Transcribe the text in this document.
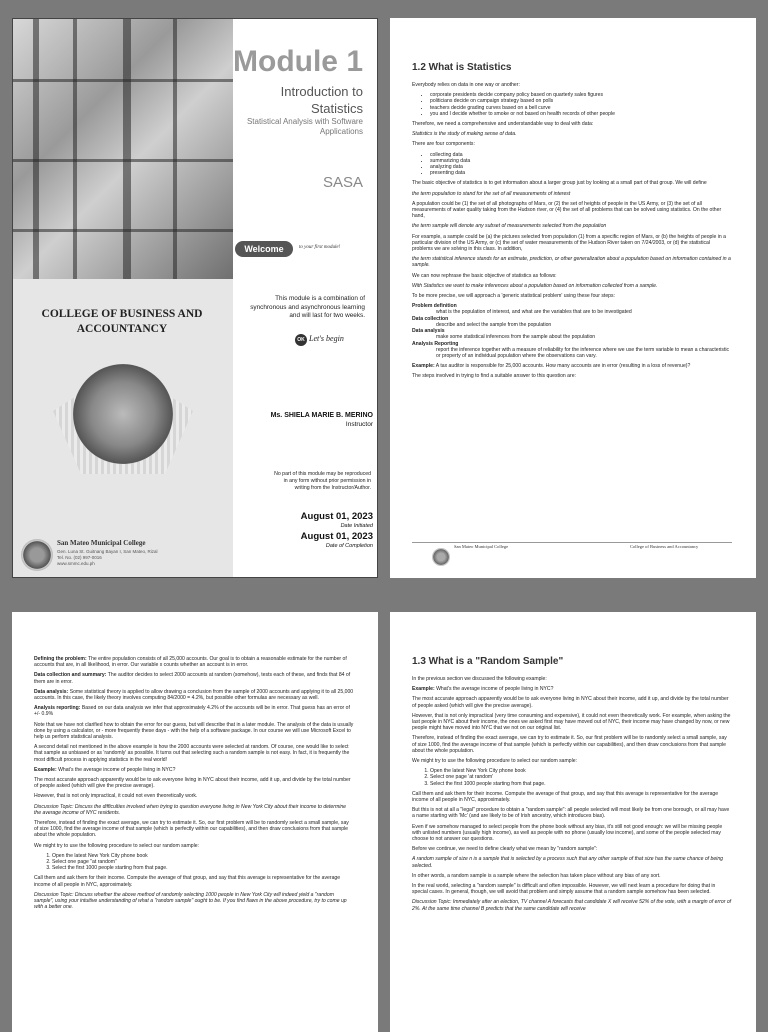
COLLEGE OF BUSINESS AND ACCOUNTANCY
San Mateo Municipal College
Gen. Luna St. Guitnang Bayan I, San Mateo, Rizal
Tel. No. (02) 997-0016
www.smmc.edu.ph
Module 1
Introduction to Statistics
Statistical Analysis with Software Applications
SASA
Welcome	to your first module!
This module is a combination of synchronous and asynchronous learning and will last for two weeks.
OK Let's begin
Ms. SHIELA MARIE B. MERINO
Instructor
No part of this module may be reproduced in any form without prior permission in writing from the Instructor/Author.
August 01, 2023
Date Initiated
August 01, 2023
Date of Completion
1.2 What is Statistics

Everybody relies on data in one way or another:

• corporate presidents decide company policy based on quarterly sales figures
• politicians decide on campaign strategy based on polls
• teachers decide grading curves based on a bell curve
• you and I decide whether to smoke or not based on health records of other people

Therefore, we need a comprehensive and understandable way to deal with data:

Statistics is the study of making sense of data.

There are four components:

• collecting data
• summarizing data
• analyzing data
• presenting data

The basic objective of statistics is to get information about a larger group just by looking at a small part of that group. We will define

the term population to stand for the set of all measurements of interest

A population could be (1) the set of all photographs of Mars, or (2) the set of heights of people in the US Army, or (3) the set of all measurements of water quality taking from the Hudson river, or (4) the set of all problems that can be solved using statistics. On the other hand,

the term sample will denote any subset of measurements selected from the population

For example, a sample could be (a) the pictures selected from population (1) from a specific region of Mars, or (b) the heights of people in a particular division of the US Army, or (c) the set of water measurements of the Hudson River taken on 7/24/2003, or (d) the statistical problems we are solving in this class. In addition,

the term statistical inference stands for an estimate, prediction, or other generalization about a population based on information contained in a sample.

We can now rephrase the basic objective of statistics as follows:

With Statistics we want to make inferences about a population based on information collected from a sample.

To be more precise, we will approach a 'generic statistical problem' using these four steps:

Problem definition
what is the population of interest, and what are the variables that are to be investigated
Data collection
describe and select the sample from the population
Data analysis
make some statistical inferences from the sample about the population
Analysis Reporting
report the inference together with a measure of reliability for the inference where we use the term variable to mean a characteristic or property of an individual population where the observations can vary.

Example: A tax auditor is responsible for 25,000 accounts. How many accounts are in error (resulting in a loss of revenue)?

The steps involved in trying to find a suitable answer to this question are:

San Mateo Municipal College	College of Business and Accountancy

Defining the problem: The entire population consists of all 25,000 accounts. Our goal is to obtain a reasonable estimate for the number of accounts that are, in all likelihood, in error. Our variable x counts whether an account is in error.

Data collection and summary: The auditor decides to select 2000 accounts at random (somehow), tests each of these, and finds that 84 of them are in error.

Data analysis: Some statistical theory is applied to allow drawing a conclusion from the sample of 2000 accounts and applying it to all 25,000 accounts. In this case, the likely theory involves computing 84/2000 = 4.2%, but possible other formulas are necessary as well.

Analysis reporting: Based on our data analysis we infer that approximately 4.2% of the accounts will be in error. That guess has an error of +/- 0.9%

Note that we have not clarified how to obtain the error for our guess, but will describe that in a later module. The analysis of the data is usually done by using a calculator, or - more frequently these days - with the help of a software package. In our course we will use Microsoft Excel to help us perform statistical analysis.

A second detail not mentioned in the above example is how the 2000 accounts were selected at random. Of course, one would like to select that sample as unbiased or as 'randomly' as possible. It turns out that selecting such a random sample is not easy. In fact, it is frequently the most difficult process in applying statistics in the real world!

Example: What's the average income of people living in NYC?

The most accurate approach apparently would be to ask everyone living in NYC about their income, add it up, and divide by the total number of people asked (which will give the precise average).

However, that is not only impractical, it could not even theoretically work.

Discussion Topic: Discuss the difficulties involved when trying to question everyone living in New York City about their income to determine the average income of NYC residents.

Therefore, instead of finding the exact average, we can try to estimate it. So, our first problem will be to randomly select a small sample, say of size 1000, find the average income of that sample (which is perfectly within our capabilities), and then draw conclusions from that sample about the whole population.

We might try to use the following procedure to select our random sample:

1. Open the latest New York City phone book
2. Select one page "at random"
3. Select the first 1000 people starting from that page.

Call them and ask them for their income. Compute the average of that group, and say that this average is representative for the average income of all people in NYC, approximately.

Discussion Topic: Discuss whether the above method of randomly selecting 1000 people in New York City will indeed yield a "random sample", using your intuitive understanding of what a "random sample" ought to be. If you find flaws in the above procedure, try to come up with a better one.

1.3 What is a "Random Sample"

In the previous section we discussed the following example:

Example: What's the average income of people living in NYC?

The most accurate approach apparently would be to ask everyone living in NYC about their income, add it up, and divide by the total number of people asked (which will give the precise average).

However, that is not only impractical (very time consuming and expensive), it could not even theoretically work. For example, when asking the last people in NYC about their income, the ones we asked first may have moved out of NYC, their income may have changed by now, or new people might have moved into NYC that we not on our original list.

Therefore, instead of finding the exact average, we can try to estimate it. So, our first problem will be to randomly select a small sample, say of size 1000, find the average income of that sample (which is perfectly within our capabilities), and then draw conclusions from that sample about the whole population.

We might try to use the following procedure to select our random sample:

1. Open the latest New York City phone book
2. Select one page 'at random'
3. Select the first 1000 people starting from that page.

Call them and ask them for their income. Compute the average of that group, and say that this average is representative for the average income of all people in NYC, approximately.

But this is not at all a "legal" procedure to obtain a "random sample": all people selected will most likely be from one borough, or all may have a name starting with 'Mc' (and are likely to be of Irish ancestry, which introduces bias).

Even if we somehow managed to select people from the phone book without any bias, it's still not good enough: we will be missing people with unlisted numbers (usually high income), as well as people with no phone (usually low income), and some of the people selected may choose to not answer our questions.

Before we continue, we need to define clearly what we mean by "random sample":

A random sample of size n is a sample that is selected by a process such that any other sample of that size has the same chance of being selected.

In other words, a random sample is a sample where the selection has taken place without any bias of any sort.

In the real world, selecting a "random sample" is difficult and often impossible. However, we will next learn a procedure for doing that in special cases. In general, though, we will avoid that problem and simply assume that a random sample somehow has been selected.

Discussion Topic: Immediately after an election, TV channel A forecasts that candidate X will receive 52% of the vote, with a margin of error of 2%. At the same time channel B predicts that the same candidate will receive
